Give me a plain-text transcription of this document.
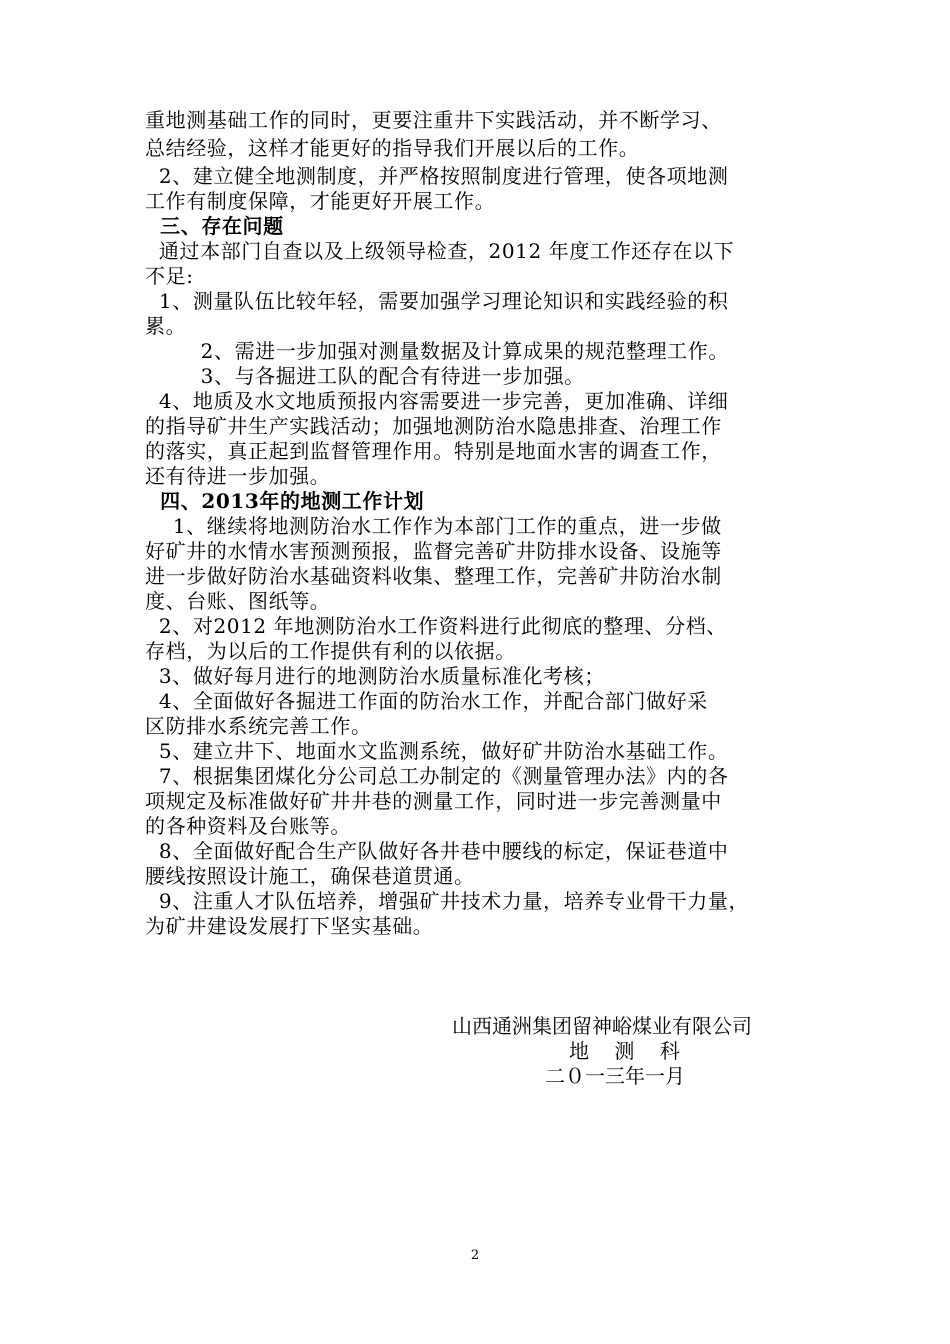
重地测基础工作的同时，更要注重井下实践活动，并不断学习、

总结经验，这样才能更好的指导我们开展以后的工作。

2、建立健全地测制度，并严格按照制度进行管理，使各项地测

工作有制度保障，才能更好开展工作。

三、存在问题

通过本部门自查以及上级领导检查，2012 年度工作还存在以下

不足:

1、测量队伍比较年轻，需要加强学习理论知识和实践经验的积

累。

2、需进一步加强对测量数据及计算成果的规范整理工作。

3、与各掘进工队的配合有待进一步加强。

4、地质及水文地质预报内容需要进一步完善，更加准确、详细

的指导矿井生产实践活动；加强地测防治水隐患排查、治理工作

的落实，真正起到监督管理作用。特别是地面水害的调查工作，

还有待进一步加强。

四、2013年的地测工作计划

1、继续将地测防治水工作作为本部门工作的重点，进一步做

好矿井的水情水害预测预报，监督完善矿井防排水设备、设施等

进一步做好防治水基础资料收集、整理工作，完善矿井防治水制

度、台账、图纸等。

2、对2012 年地测防治水工作资料进行此彻底的整理、分档、

存档，为以后的工作提供有利的以依据。

3、做好每月进行的地测防治水质量标准化考核；

4、全面做好各掘进工作面的防治水工作，并配合部门做好采

区防排水系统完善工作。

5、建立井下、地面水文监测系统，做好矿井防治水基础工作。

7、根据集团煤化分公司总工办制定的《测量管理办法》内的各

项规定及标准做好矿井井巷的测量工作，同时进一步完善测量中

的各种资料及台账等。

8、全面做好配合生产队做好各井巷中腰线的标定，保证巷道中

腰线按照设计施工，确保巷道贯通。

9、注重人才队伍培养，增强矿井技术力量，培养专业骨干力量，

为矿井建设发展打下坚实基础。

山西通洲集团留神峪煤业有限公司

地    测    科

二０一三年一月

2
